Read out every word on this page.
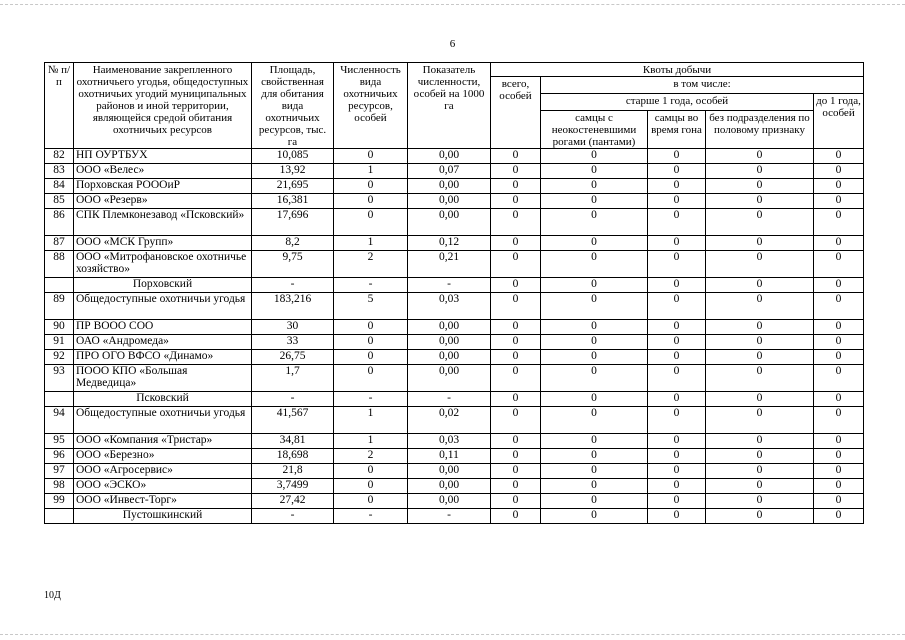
6
№ п/п	Наименование закрепленного охотничьего угодья, общедоступных охотничьих угодий муниципальных районов и иной территории, являющейся средой обитания охотничьих ресурсов	Площадь, свойственная для обитания вида охотничьих ресурсов, тыс. га	Численность вида охотничьих ресурсов, особей	Показатель численности, особей на 1000 га	Квоты добычи				
					всего, особей	в том числе:			
						старше 1 года, особей			до 1 года, особей
						самцы с неокостеневшими рогами (пантами)	самцы во время гона	без подразделения по половому признаку	
82	НП ОУРТБУХ	10,085	0	0,00	0	0	0	0	0
83	ООО «Велес»	13,92	1	0,07	0	0	0	0	0
84	Порховская РОООиР	21,695	0	0,00	0	0	0	0	0
85	ООО «Резерв»	16,381	0	0,00	0	0	0	0	0
86	СПК Племконезавод «Псковский»	17,696	0	0,00	0	0	0	0	0
87	ООО «МСК Групп»	8,2	1	0,12	0	0	0	0	0
88	ООО «Митрофановское охотничье хозяйство»	9,75	2	0,21	0	0	0	0	0
	Порховский	-	-	-	0	0	0	0	0
89	Общедоступные охотничьи угодья	183,216	5	0,03	0	0	0	0	0
90	ПР ВООО СОО	30	0	0,00	0	0	0	0	0
91	ОАО «Андромеда»	33	0	0,00	0	0	0	0	0
92	ПРО ОГО ВФСО «Динамо»	26,75	0	0,00	0	0	0	0	0
93	ПООО КПО «Большая Медведица»	1,7	0	0,00	0	0	0	0	0
	Псковский	-	-	-	0	0	0	0	0
94	Общедоступные охотничьи угодья	41,567	1	0,02	0	0	0	0	0
95	ООО «Компания «Тристар»	34,81	1	0,03	0	0	0	0	0
96	ООО «Березно»	18,698	2	0,11	0	0	0	0	0
97	ООО «Агросервис»	21,8	0	0,00	0	0	0	0	0
98	ООО «ЭСКО»	3,7499	0	0,00	0	0	0	0	0
99	ООО «Инвест-Торг»	27,42	0	0,00	0	0	0	0	0
	Пустошкинский	-	-	-	0	0	0	0	0
10Д
